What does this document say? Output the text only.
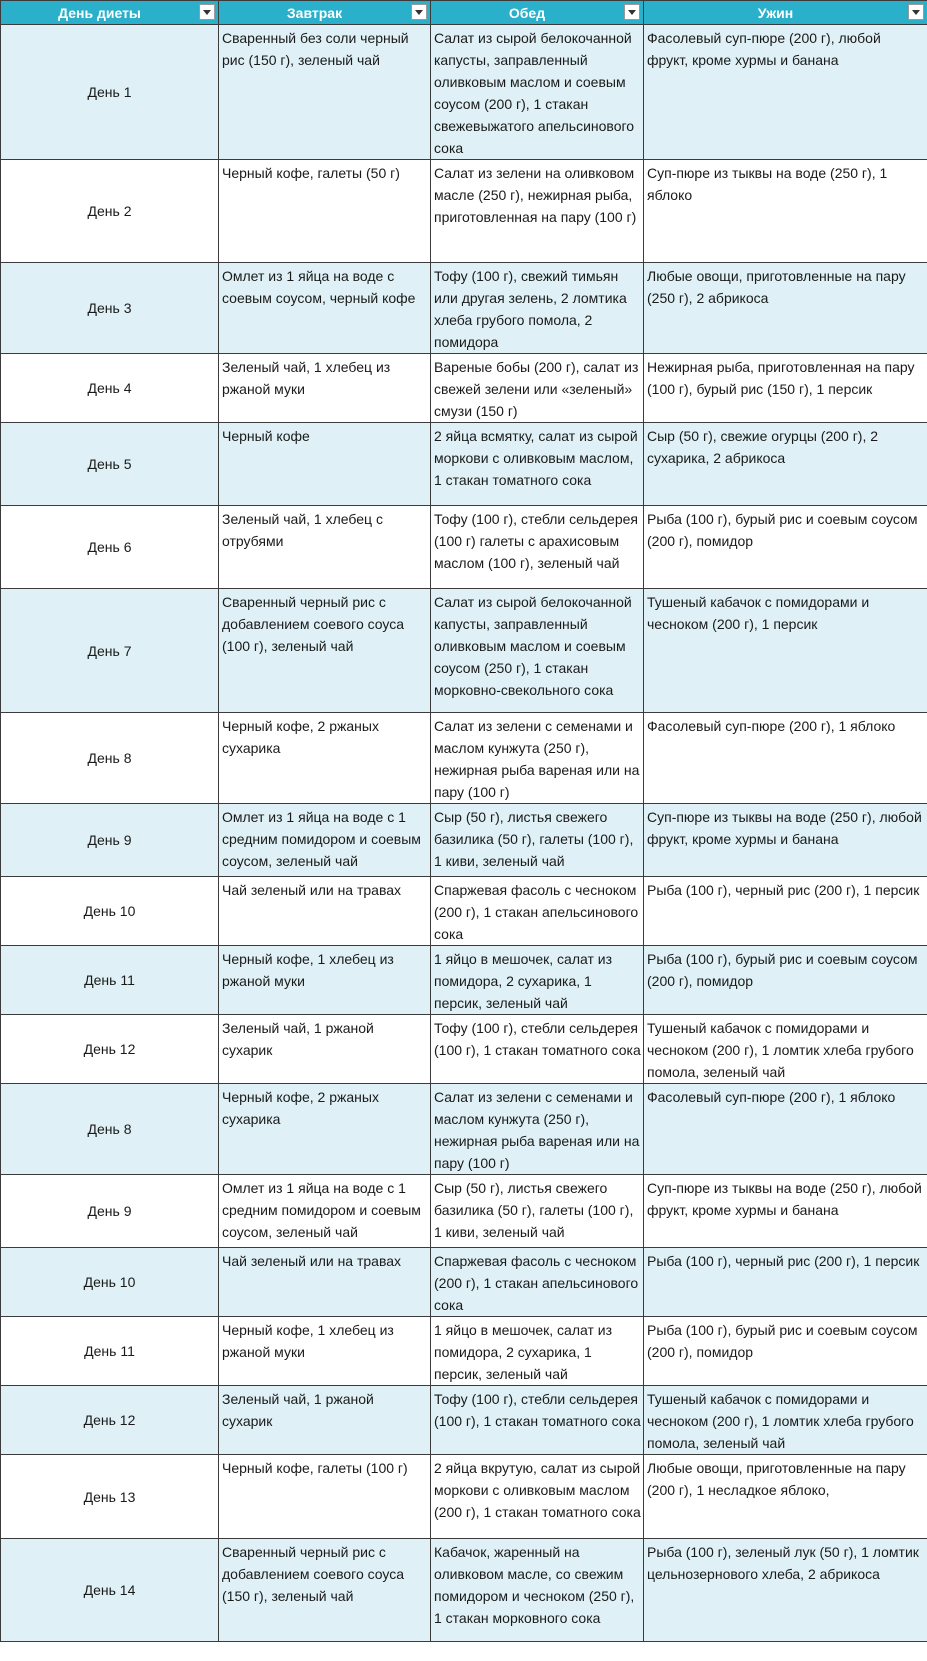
День диеты	Завтрак	Обед	Ужин

День 1	Сваренный без соли черный рис (150 г), зеленый чай	Салат из сырой белокочанной капусты, заправленный оливковым маслом и соевым соусом (200 г), 1 стакан свежевыжатого апельсинового сока	Фасолевый суп-пюре (200 г), любой фрукт, кроме хурмы и банана
День 2	Черный кофе, галеты (50 г)	Салат из зелени на оливковом масле (250 г), нежирная рыба, приготовленная на пару (100 г)	Суп-пюре из тыквы на воде (250 г), 1 яблоко
День 3	Омлет из 1 яйца на воде с соевым соусом, черный кофе	Тофу (100 г), свежий тимьян или другая зелень, 2 ломтика хлеба грубого помола, 2 помидора	Любые овощи, приготовленные на пару (250 г), 2 абрикоса
День 4	Зеленый чай, 1 хлебец из ржаной муки	Вареные бобы (200 г), салат из свежей зелени или «зеленый» смузи (150 г)	Нежирная рыба, приготовленная на пару (100 г), бурый рис (150 г), 1 персик
День 5	Черный кофе	2 яйца всмятку, салат из сырой моркови с оливковым маслом, 1 стакан томатного сока	Сыр (50 г), свежие огурцы (200 г), 2 сухарика, 2 абрикоса
День 6	Зеленый чай, 1 хлебец с отрубями	Тофу (100 г), стебли сельдерея (100 г) галеты с арахисовым маслом (100 г), зеленый чай	Рыба (100 г), бурый рис и соевым соусом (200 г), помидор
День 7	Сваренный черный рис с добавлением соевого соуса (100 г), зеленый чай	Салат из сырой белокочанной капусты, заправленный оливковым маслом и соевым соусом (250 г), 1 стакан морковно-свекольного сока	Тушеный кабачок с помидорами и чесноком (200 г), 1 персик
День 8	Черный кофе, 2 ржаных сухарика	Салат из зелени с семенами и маслом кунжута (250 г), нежирная рыба вареная или на пару (100 г)	Фасолевый суп-пюре (200 г), 1 яблоко
День 9	Омлет из 1 яйца на воде с 1 средним помидором и соевым соусом, зеленый чай	Сыр (50 г), листья свежего базилика (50 г), галеты (100 г), 1 киви, зеленый чай	Суп-пюре из тыквы на воде (250 г), любой фрукт, кроме хурмы и банана
День 10	Чай зеленый или на травах	Спаржевая фасоль с чесноком (200 г), 1 стакан апельсинового сока	Рыба (100 г), черный рис (200 г), 1 персик
День 11	Черный кофе, 1 хлебец из ржаной муки	1 яйцо в мешочек, салат из помидора, 2 сухарика, 1 персик, зеленый чай	Рыба (100 г), бурый рис и соевым соусом (200 г), помидор
День 12	Зеленый чай, 1 ржаной сухарик	Тофу (100 г), стебли сельдерея (100 г), 1 стакан томатного сока	Тушеный кабачок с помидорами и чесноком (200 г), 1 ломтик хлеба грубого помола, зеленый чай
День 8	Черный кофе, 2 ржаных сухарика	Салат из зелени с семенами и маслом кунжута (250 г), нежирная рыба вареная или на пару (100 г)	Фасолевый суп-пюре (200 г), 1 яблоко
День 9	Омлет из 1 яйца на воде с 1 средним помидором и соевым соусом, зеленый чай	Сыр (50 г), листья свежего базилика (50 г), галеты (100 г), 1 киви, зеленый чай	Суп-пюре из тыквы на воде (250 г), любой фрукт, кроме хурмы и банана
День 10	Чай зеленый или на травах	Спаржевая фасоль с чесноком (200 г), 1 стакан апельсинового сока	Рыба (100 г), черный рис (200 г), 1 персик
День 11	Черный кофе, 1 хлебец из ржаной муки	1 яйцо в мешочек, салат из помидора, 2 сухарика, 1 персик, зеленый чай	Рыба (100 г), бурый рис и соевым соусом (200 г), помидор
День 12	Зеленый чай, 1 ржаной сухарик	Тофу (100 г), стебли сельдерея (100 г), 1 стакан томатного сока	Тушеный кабачок с помидорами и чесноком (200 г), 1 ломтик хлеба грубого помола, зеленый чай
День 13	Черный кофе, галеты (100 г)	2 яйца вкрутую, салат из сырой моркови с оливковым маслом (200 г), 1 стакан томатного сока	Любые овощи, приготовленные на пару (200 г), 1 несладкое яблоко,
День 14	Сваренный черный рис с добавлением соевого соуса (150 г), зеленый чай	Кабачок, жаренный на оливковом масле, со свежим помидором и чесноком (250 г), 1 стакан морковного сока	Рыба (100 г), зеленый лук (50 г), 1 ломтик цельнозернового хлеба, 2 абрикоса
